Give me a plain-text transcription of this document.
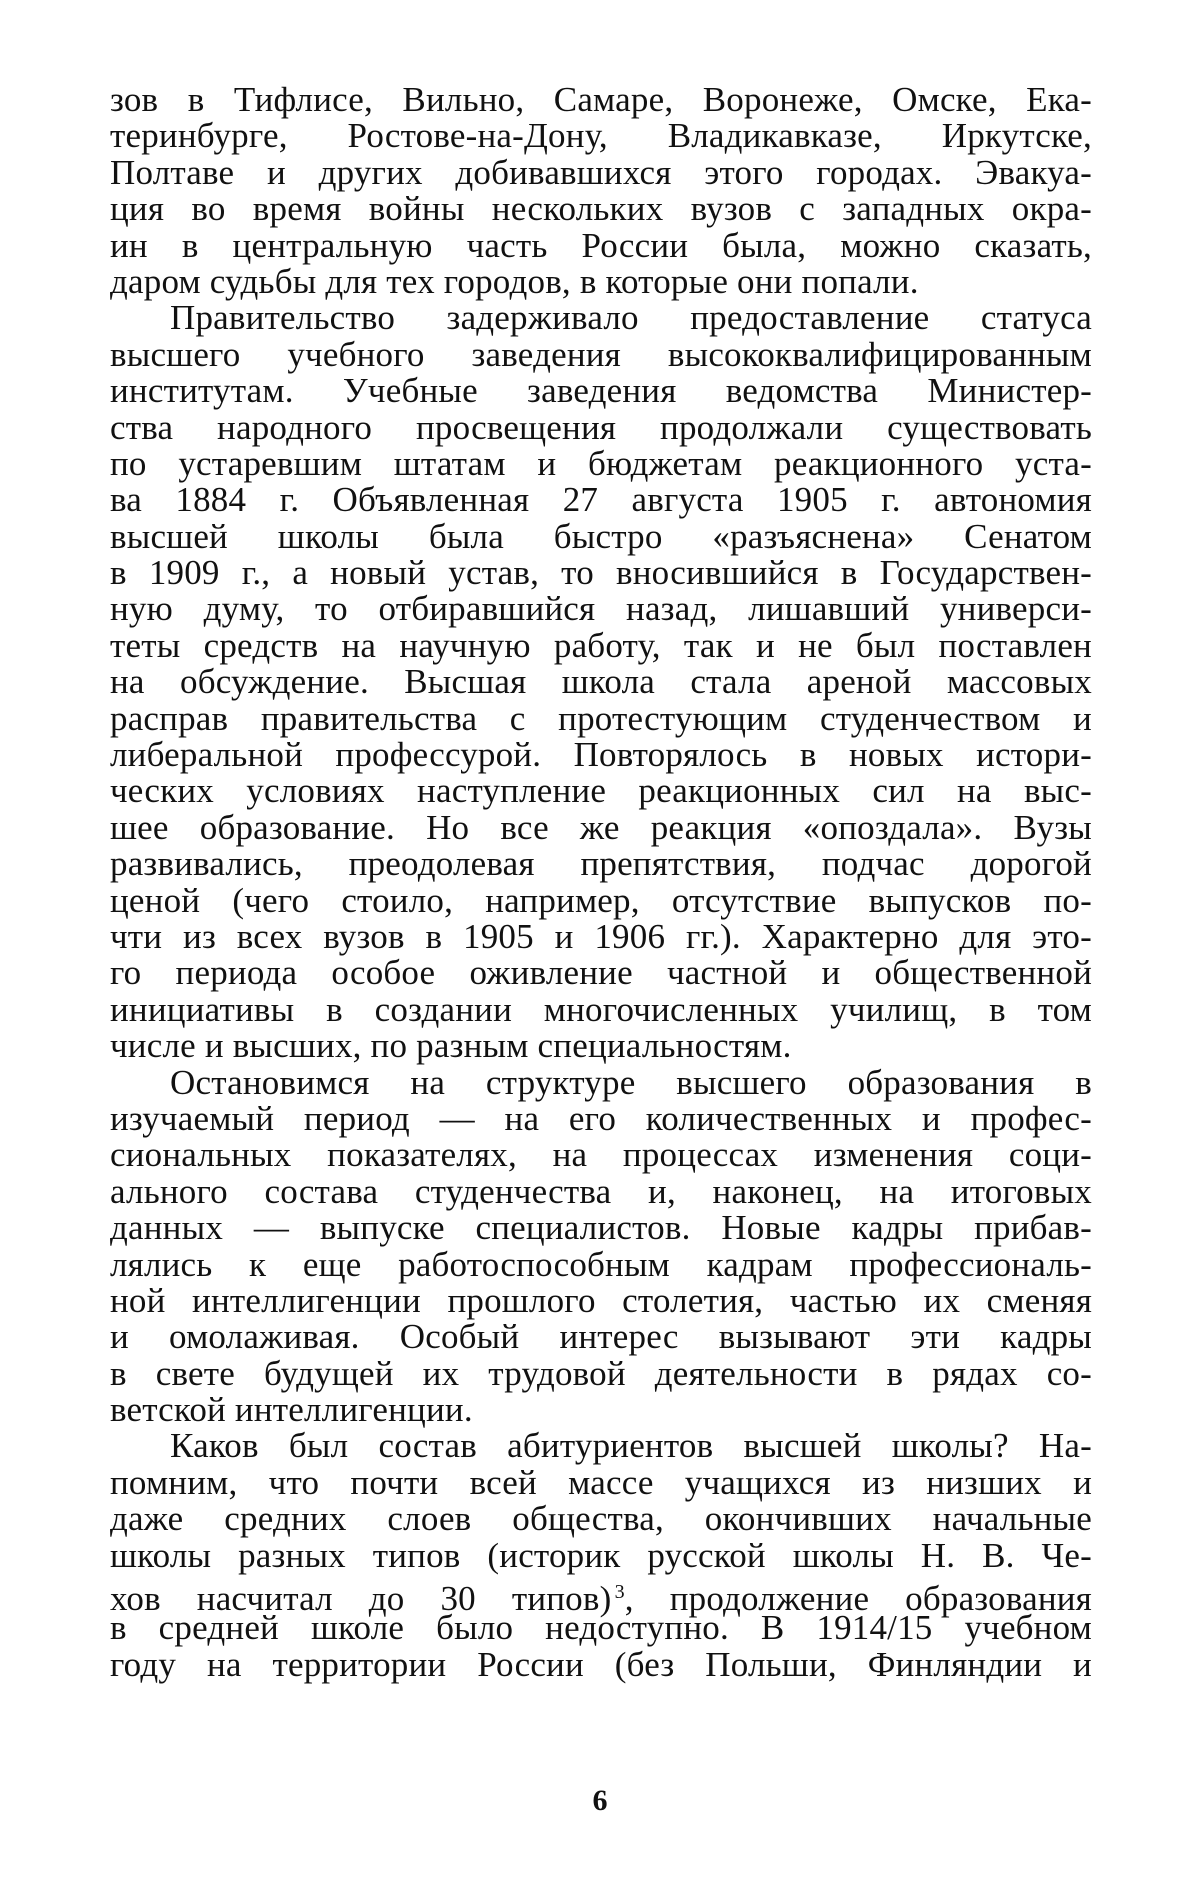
зов в Тифлисе, Вильно, Самаре, Воронеже, Омске, Ека-
теринбурге, Ростове-на-Дону, Владикавказе, Иркутске,
Полтаве и других добивавшихся этого городах. Эвакуа-
ция во время войны нескольких вузов с западных окра-
ин в центральную часть России была, можно сказать,
даром судьбы для тех городов, в которые они попали.
Правительство задерживало предоставление статуса
высшего учебного заведения высококвалифицированным
институтам. Учебные заведения ведомства Министер-
ства народного просвещения продолжали существовать
по устаревшим штатам и бюджетам реакционного уста-
ва 1884 г. Объявленная 27 августа 1905 г. автономия
высшей школы была быстро «разъяснена» Сенатом
в 1909 г., а новый устав, то вносившийся в Государствен-
ную думу, то отбиравшийся назад, лишавший универси-
теты средств на научную работу, так и не был поставлен
на обсуждение. Высшая школа стала ареной массовых
расправ правительства с протестующим студенчеством и
либеральной профессурой. Повторялось в новых истори-
ческих условиях наступление реакционных сил на выс-
шее образование. Но все же реакция «опоздала». Вузы
развивались, преодолевая препятствия, подчас дорогой
ценой (чего стоило, например, отсутствие выпусков по-
чти из всех вузов в 1905 и 1906 гг.). Характерно для это-
го периода особое оживление частной и общественной
инициативы в создании многочисленных училищ, в том
числе и высших, по разным специальностям.
Остановимся на структуре высшего образования в
изучаемый период — на его количественных и профес-
сиональных показателях, на процессах изменения соци-
ального состава студенчества и, наконец, на итоговых
данных — выпуске специалистов. Новые кадры прибав-
лялись к еще работоспособным кадрам профессиональ-
ной интеллигенции прошлого столетия, частью их сменяя
и омолаживая. Особый интерес вызывают эти кадры
в свете будущей их трудовой деятельности в рядах со-
ветской интеллигенции.
Каков был состав абитуриентов высшей школы? На-
помним, что почти всей массе учащихся из низших и
даже средних слоев общества, окончивших начальные
школы разных типов (историк русской школы Н. В. Че-
хов насчитал до 30 типов)  $^3$, продолжение образования
в средней школе было недоступно. В 1914/15 учебном
году на территории России (без Польши, Финляндии и
6
